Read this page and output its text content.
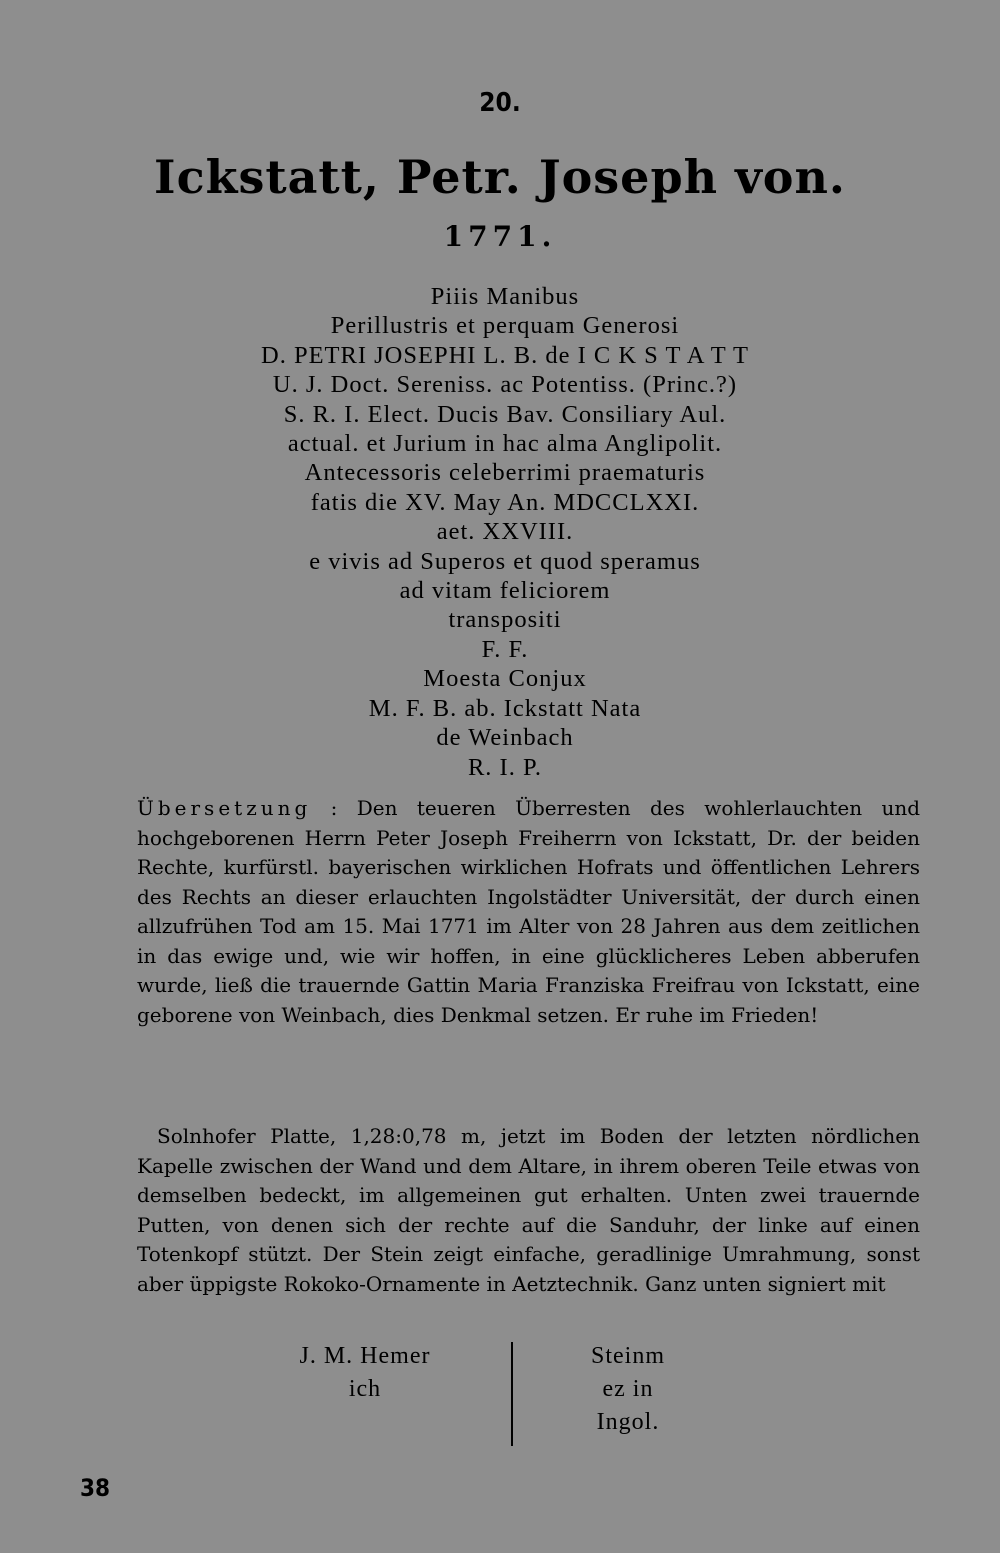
20.
Ickstatt, Petr. Joseph von.
1771.
Piiis Manibus
Perillustris et perquam Generosi
D. PETRI JOSEPHI L. B. de I C K S T A T T
U. J. Doct. Sereniss. ac Potentiss. (Princ.?)
S. R. I. Elect. Ducis Bav. Consiliary Aul.
actual. et Jurium in hac alma Anglipolit.
Antecessoris celeberrimi praematuris
fatis die XV. May An. MDCCLXXI.
aet. XXVIII.
e vivis ad Superos et quod speramus
ad vitam feliciorem
transpositi
F. F.
Moesta Conjux
M. F. B. ab. Ickstatt Nata
de Weinbach
R. I. P.
Übersetzung : Den teueren Überresten des wohlerlauchten und hochgeborenen Herrn Peter Joseph Freiherrn von Ickstatt, Dr. der beiden Rechte, kurfürstl. bayerischen wirklichen Hofrats und öffentlichen Lehrers des Rechts an dieser erlauchten Ingolstädter Universität, der durch einen allzufrühen Tod am 15. Mai 1771 im Alter von 28 Jahren aus dem zeitlichen in das ewige und, wie wir hoffen, in eine glücklicheres Leben abberufen wurde, ließ die trauernde Gattin Maria Franziska Freifrau von Ickstatt, eine geborene von Weinbach, dies Denkmal setzen. Er ruhe im Frieden!
Solnhofer Platte, 1,28:0,78 m, jetzt im Boden der letzten nördlichen Kapelle zwischen der Wand und dem Altare, in ihrem oberen Teile etwas von demselben bedeckt, im allgemeinen gut erhalten. Unten zwei trauernde Putten, von denen sich der rechte auf die Sanduhr, der linke auf einen Totenkopf stützt. Der Stein zeigt einfache, geradlinige Umrahmung, sonst aber üppigste Rokoko-Ornamente in Aetztechnik. Ganz unten signiert mit
J. M. Hemer
ich
Steinm
ez in
Ingol.
38
